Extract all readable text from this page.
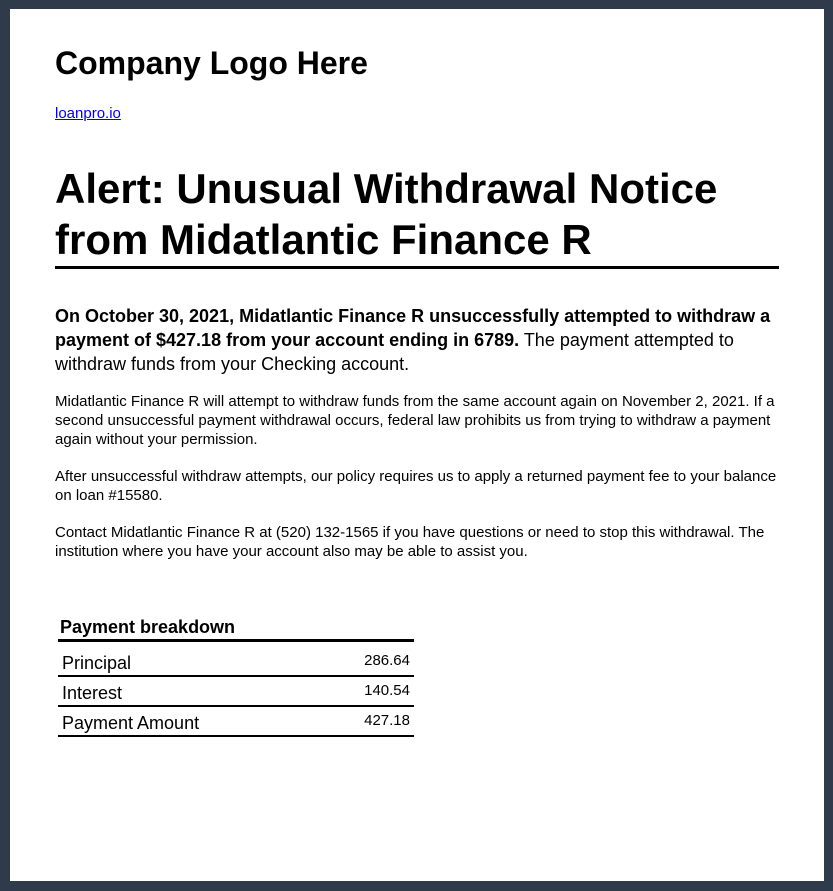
Company Logo Here
loanpro.io
Alert: Unusual Withdrawal Notice from Midatlantic Finance R

On October 30, 2021, Midatlantic Finance R unsuccessfully attempted to withdraw a payment of $427.18 from your account ending in 6789. The payment attempted to withdraw funds from your Checking account.

Midatlantic Finance R will attempt to withdraw funds from the same account again on November 2, 2021. If a second unsuccessful payment withdrawal occurs, federal law prohibits us from trying to withdraw a payment again without your permission.

After unsuccessful withdraw attempts, our policy requires us to apply a returned payment fee to your balance on loan #15580.

Contact Midatlantic Finance R at (520) 132-1565 if you have questions or need to stop this withdrawal. The institution where you have your account also may be able to assist you.

Payment breakdown
Principal	286.64
Interest	140.54
Payment Amount	427.18
